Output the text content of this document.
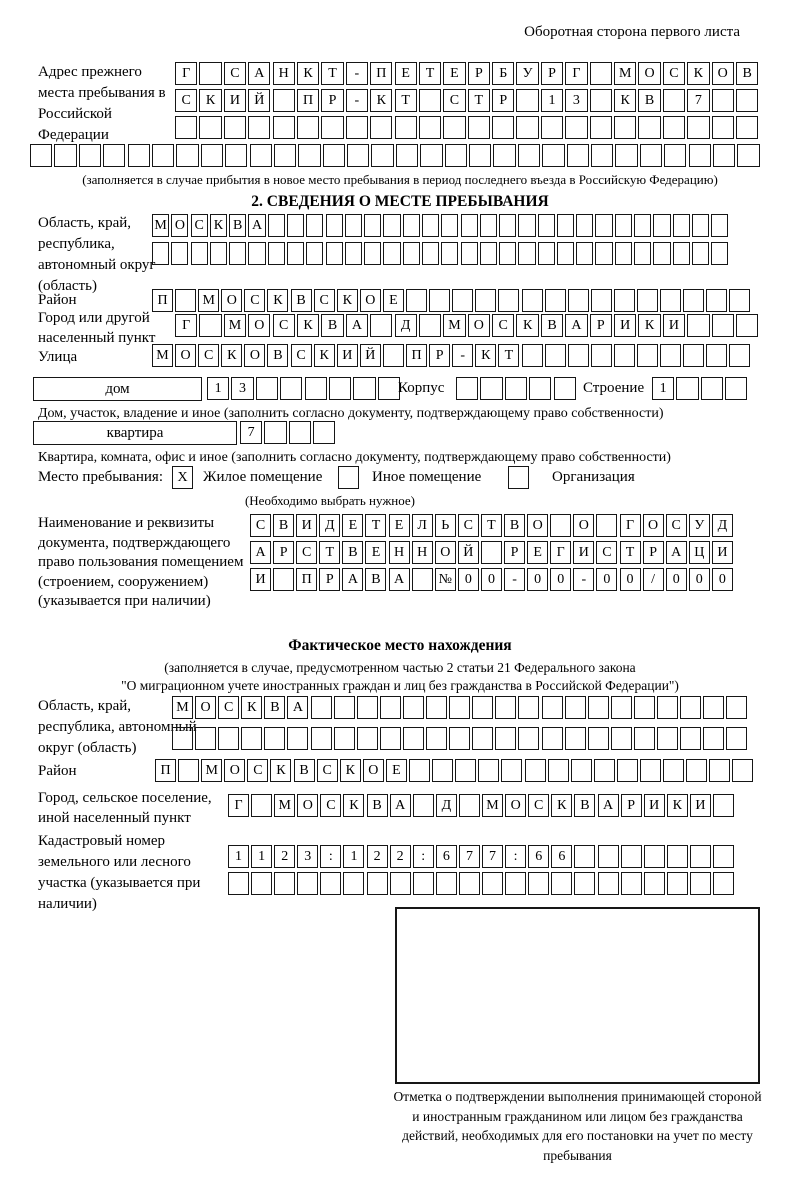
Оборотная сторона первого листа
Адрес прежнего места пребывания в Российской Федерации
Г	С	А	Н	К	Т	-	П	Е	Т	Е	Р	Б	У	Р	Г	М О	С	К	О	В
С	К	И	Й	П	Р	-	К	Т	С	Т	Р	1	3	К	В	7
(заполняется в случае прибытия в новое место пребывания в период последнего въезда в Российскую Федерацию)
2. СВЕДЕНИЯ О МЕСТЕ ПРЕБЫВАНИЯ
Область, край, республика, автономный округ (область)
М О С К В А
Район	П	М О С К В С К О Е
Город или другой населенный пункт
Г	М О	С	К	В	А	Д	М О	С	К	В	А	Р	И	К	И
Улица	М О С К О В С К И Й	П	Р	-	К	Т
дом	1	3	Корпус	Строение	1
Дом, участок, владение и иное (заполнить согласно документу, подтверждающему право собственности)
квартира	7
Квартира, комната, офис и иное (заполнить согласно документу, подтверждающему право собственности)
Место пребывания:	X	Жилое помещение	Иное помещение	Организация
(Необходимо выбрать нужное)
Наименование и реквизиты документа, подтверждающего право пользования помещением (строением, сооружением) (указывается при наличии)
С В И Д	Е	Т	Е	Л	Ь	С	Т	В О	О	Г О С У Д
А	Р	С	Т	В	Е Н Н О Й	Р	Е	Г И С	Т	Р	А Ц И
И	П	Р	А В А	№ 0	0	-	0	0	-	0	0	/	0	0	0
Фактическое место нахождения
(заполняется в случае, предусмотренном частью 2 статьи 21 Федерального закона
"О миграционном учете иностранных граждан и лиц без гражданства в Российской Федерации")
Область, край, республика, автономный округ (область)
М О С К В А
Район	П	М О С К В С К О Е
Город, сельское поселение, иной населенный пункт
Г	М О С К В А	Д	М О С К В А	Р	И К И
Кадастровый номер земельного или лесного участка (указывается при наличии)
1	1	2	3	:	1	2	2	:	6	7	7	:	6	6
Отметка о подтверждении выполнения принимающей стороной и иностранным гражданином или лицом без гражданства действий, необходимых для его постановки на учет по месту пребывания
